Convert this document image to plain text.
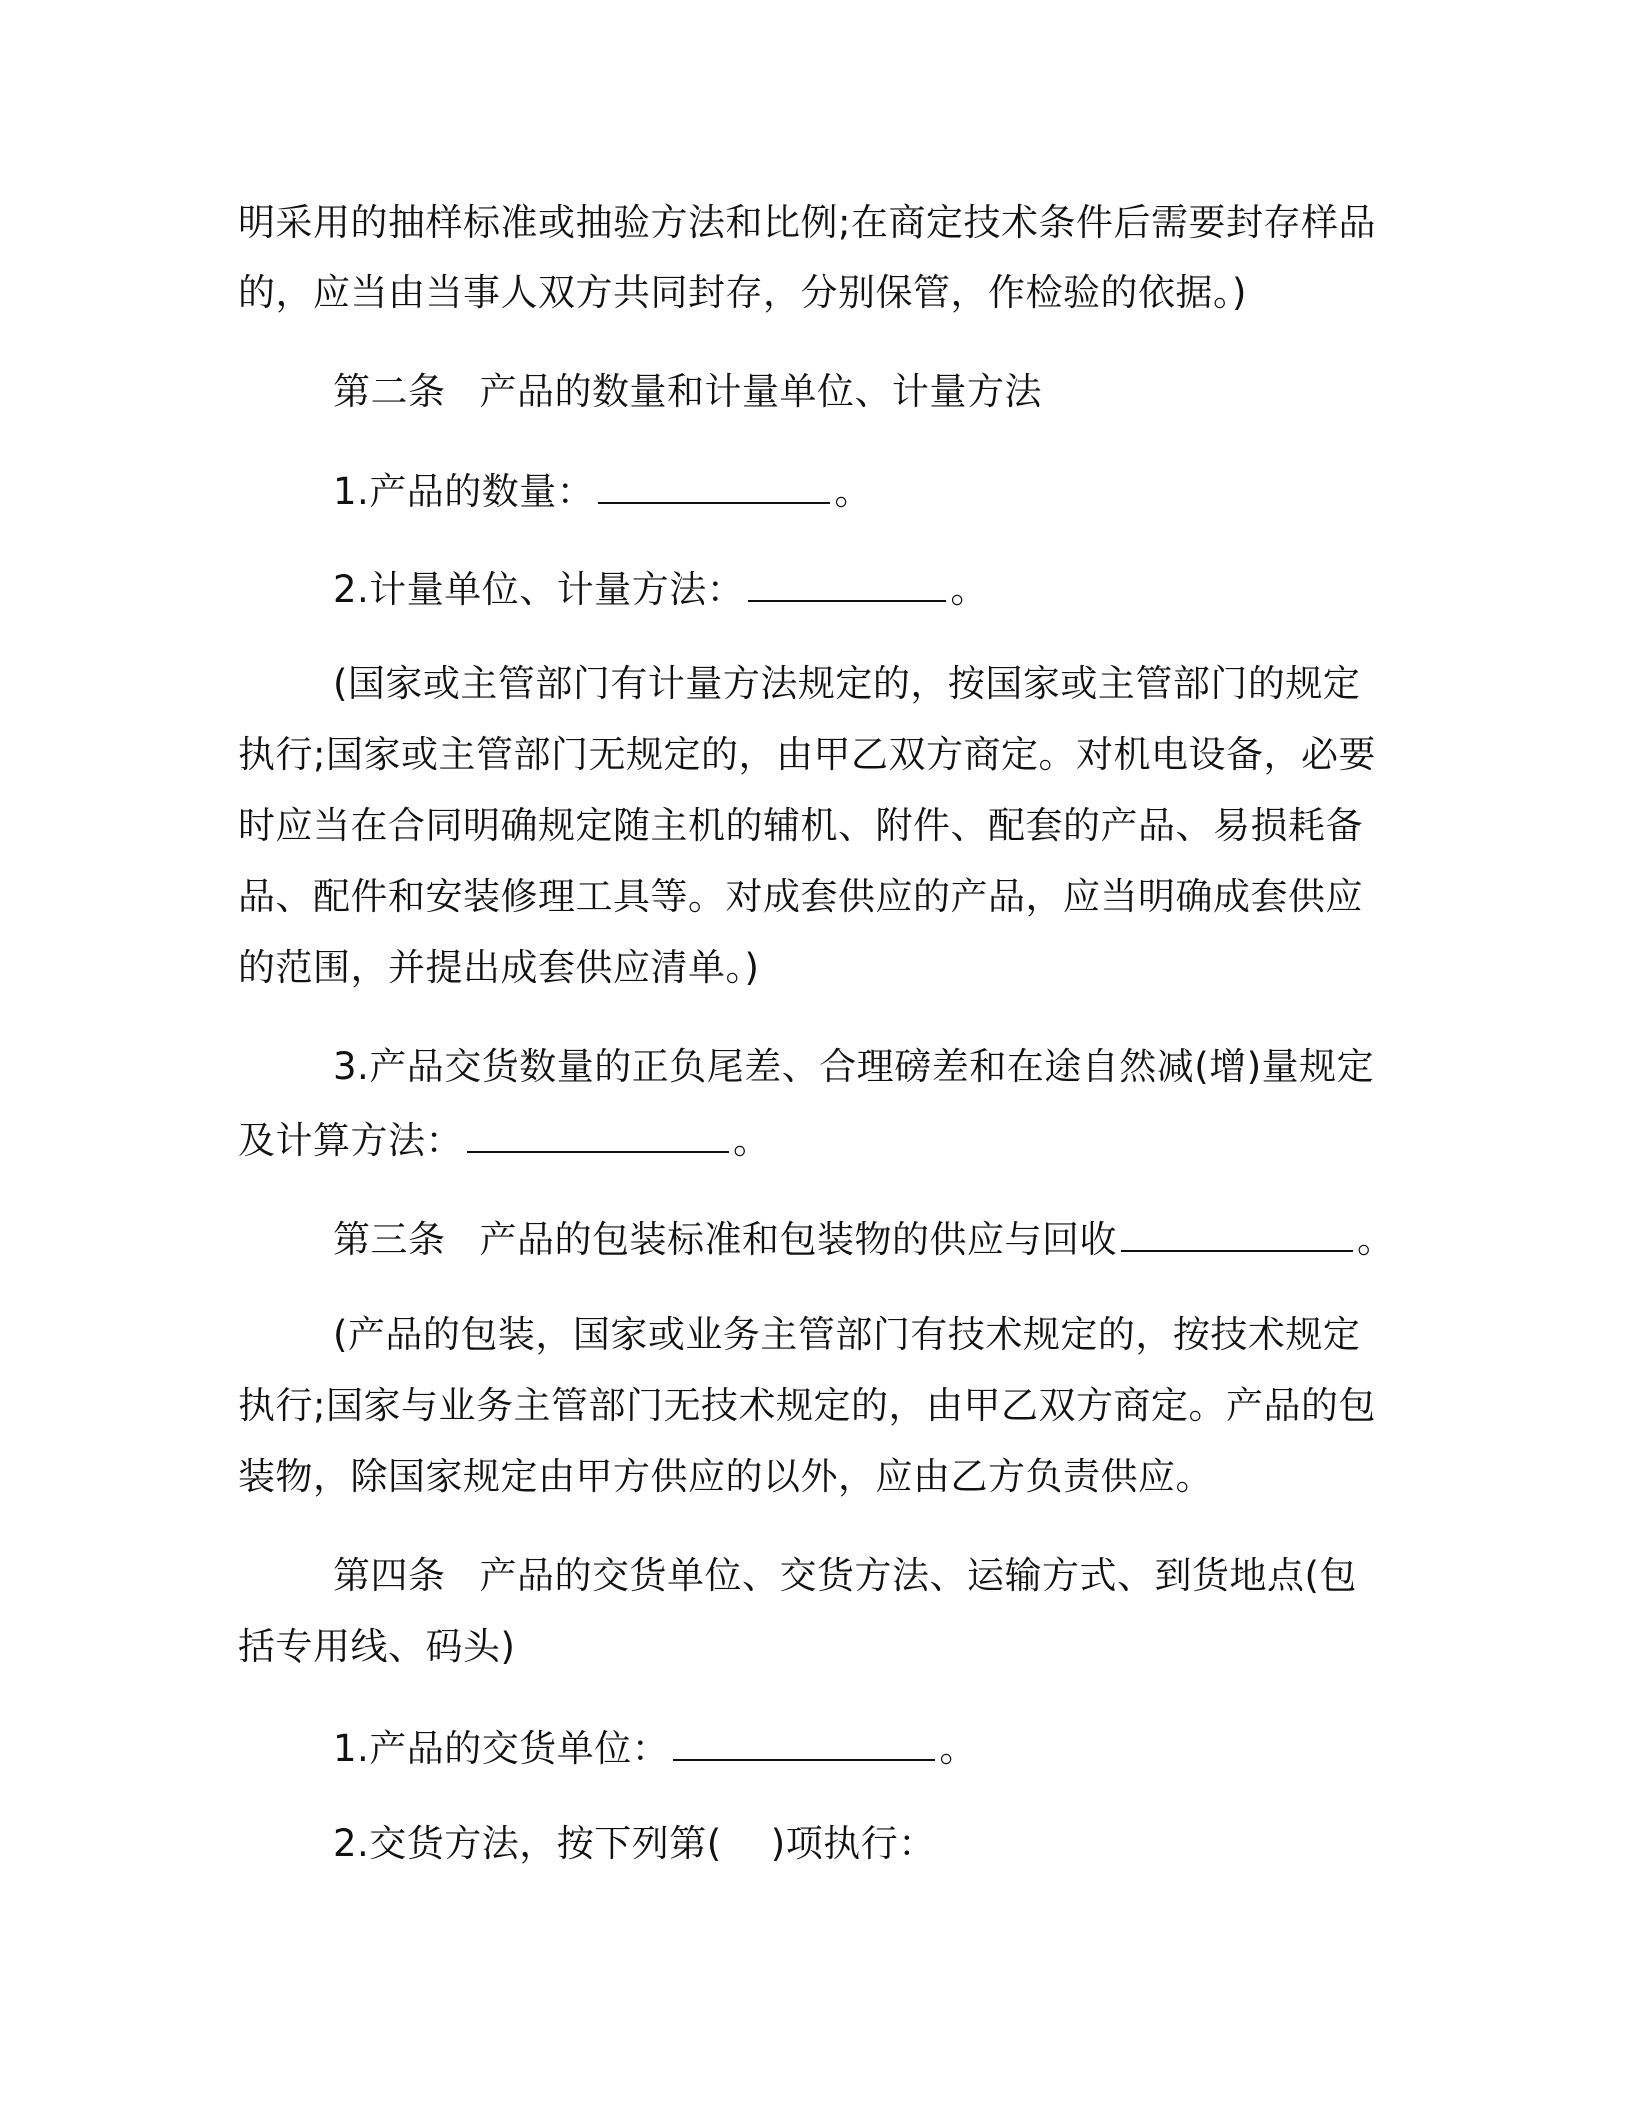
明采用的抽样标准或抽验方法和比例;在商定技术条件后需要封存样品
的，应当由当事人双方共同封存，分别保管，作检验的依据。)
第二条 产品的数量和计量单位、计量方法
1.产品的数量：	。
2.计量单位、计量方法：	。
(国家或主管部门有计量方法规定的，按国家或主管部门的规定
执行;国家或主管部门无规定的，由甲乙双方商定。对机电设备，必要
时应当在合同明确规定随主机的辅机、附件、配套的产品、易损耗备
品、配件和安装修理工具等。对成套供应的产品，应当明确成套供应
的范围，并提出成套供应清单。)
3.产品交货数量的正负尾差、合理磅差和在途自然减(增)量规定
及计算方法：	。
第三条 产品的包装标准和包装物的供应与回收	。
(产品的包装，国家或业务主管部门有技术规定的，按技术规定
执行;国家与业务主管部门无技术规定的，由甲乙双方商定。产品的包
装物，除国家规定由甲方供应的以外，应由乙方负责供应。
第四条 产品的交货单位、交货方法、运输方式、到货地点(包
括专用线、码头)
1.产品的交货单位：	。
2.交货方法，按下列第(    )项执行：
